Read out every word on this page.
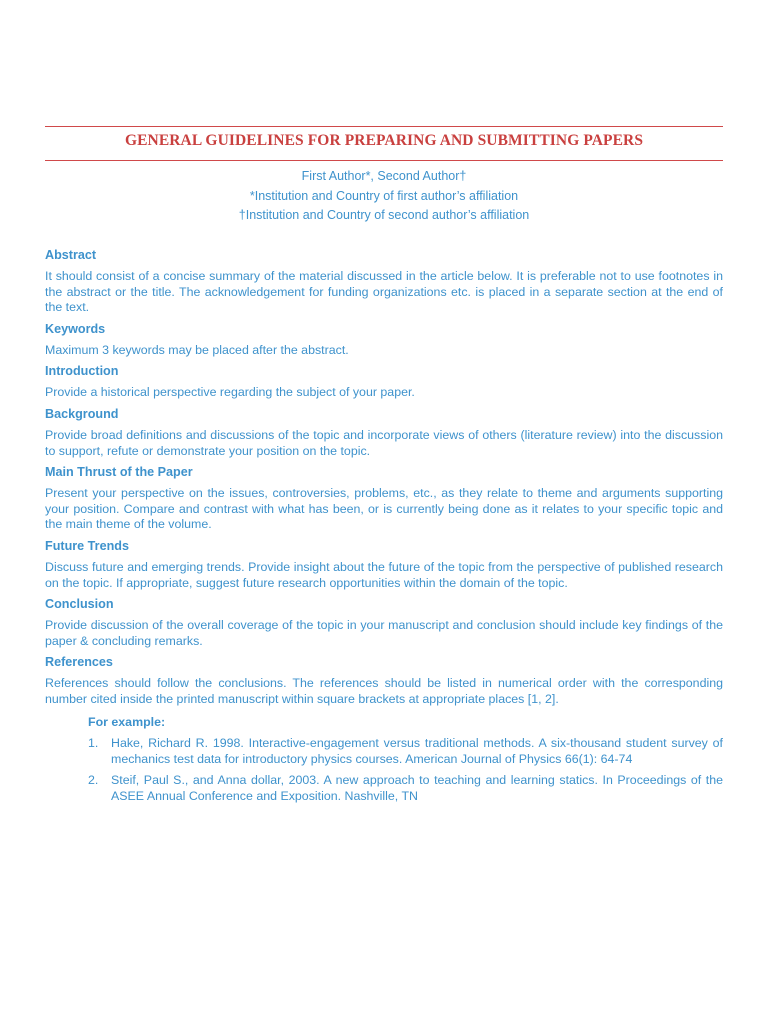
GENERAL GUIDELINES FOR PREPARING AND SUBMITTING PAPERS
First Author*, Second Author†
*Institution and Country of first author’s affiliation
†Institution and Country of second author’s affiliation
Abstract
It should consist of a concise summary of the material discussed in the article below. It is preferable not to use footnotes in the abstract or the title. The acknowledgement for funding organizations etc. is placed in a separate section at the end of the text.
Keywords
Maximum 3 keywords may be placed after the abstract.
Introduction
Provide a historical perspective regarding the subject of your paper.
Background
Provide broad definitions and discussions of the topic and incorporate views of others (literature review) into the discussion to support, refute or demonstrate your position on the topic.
Main Thrust of the Paper
Present your perspective on the issues, controversies, problems, etc., as they relate to theme and arguments supporting your position. Compare and contrast with what has been, or is currently being done as it relates to your specific topic and the main theme of the volume.
Future Trends
Discuss future and emerging trends. Provide insight about the future of the topic from the perspective of published research on the topic. If appropriate, suggest future research opportunities within the domain of the topic.
Conclusion
Provide discussion of the overall coverage of the topic in your manuscript and conclusion should include key findings of the paper & concluding remarks.
References
References should follow the conclusions. The references should be listed in numerical order with the corresponding number cited inside the printed manuscript within square brackets at appropriate places [1, 2].
For example:
1. Hake, Richard R. 1998. Interactive-engagement versus traditional methods. A six-thousand student survey of mechanics test data for introductory physics courses. American Journal of Physics 66(1): 64-74
2. Steif, Paul S., and Anna dollar, 2003. A new approach to teaching and learning statics. In Proceedings of the ASEE Annual Conference and Exposition. Nashville, TN
